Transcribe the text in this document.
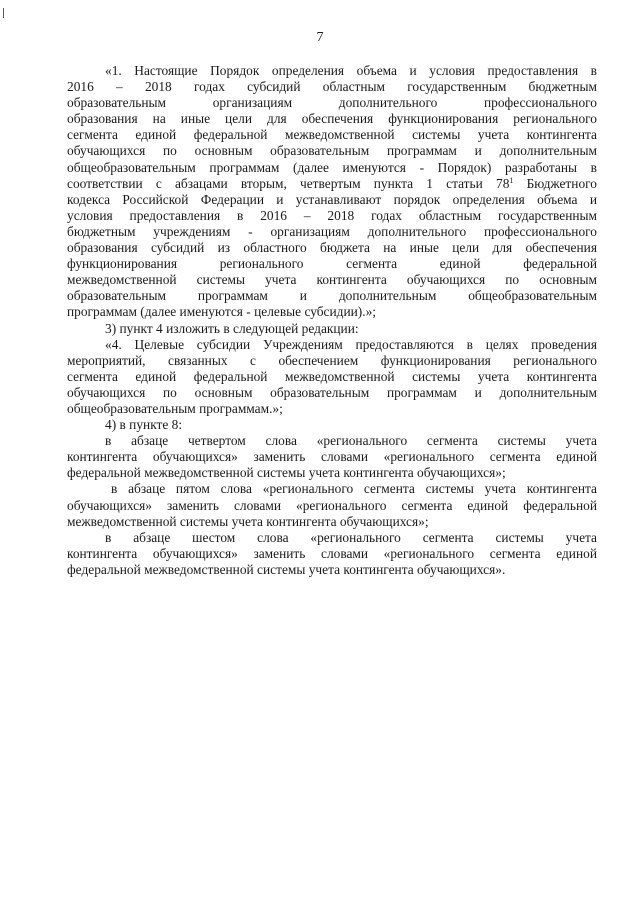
7
«1. Настоящие Порядок определения объема и условия предоставления в
2016 – 2018 годах субсидий областным государственным бюджетным
образовательным организациям дополнительного профессионального
образования на иные цели для обеспечения функционирования регионального
сегмента единой федеральной межведомственной системы учета контингента
обучающихся по основным образовательным программам и дополнительным
общеобразовательным программам (далее именуются - Порядок) разработаны в
соответствии с абзацами вторым, четвертым пункта 1 статьи $78^1$ Бюджетного
кодекса Российской Федерации и устанавливают порядок определения объема и
условия предоставления в 2016 – 2018 годах областным государственным
бюджетным учреждениям - организациям дополнительного профессионального
образования субсидий из областного бюджета на иные цели для обеспечения
функционирования регионального сегмента единой федеральной
межведомственной системы учета контингента обучающихся по основным
образовательным программам и дополнительным общеобразовательным
программам (далее именуются - целевые субсидии).»;
3) пункт 4 изложить в следующей редакции:
«4. Целевые субсидии Учреждениям предоставляются в целях проведения
мероприятий, связанных с обеспечением функционирования регионального
сегмента единой федеральной межведомственной системы учета контингента
обучающихся по основным образовательным программам и дополнительным
общеобразовательным программам.»;
4) в пункте 8:
в абзаце четвертом слова «регионального сегмента системы учета
контингента обучающихся» заменить словами «регионального сегмента единой
федеральной межведомственной системы учета контингента обучающихся»;
в абзаце пятом слова «регионального сегмента системы учета контингента
обучающихся» заменить словами «регионального сегмента единой федеральной
межведомственной системы учета контингента обучающихся»;
в абзаце шестом слова «регионального сегмента системы учета
контингента обучающихся» заменить словами «регионального сегмента единой
федеральной межведомственной системы учета контингента обучающихся».
